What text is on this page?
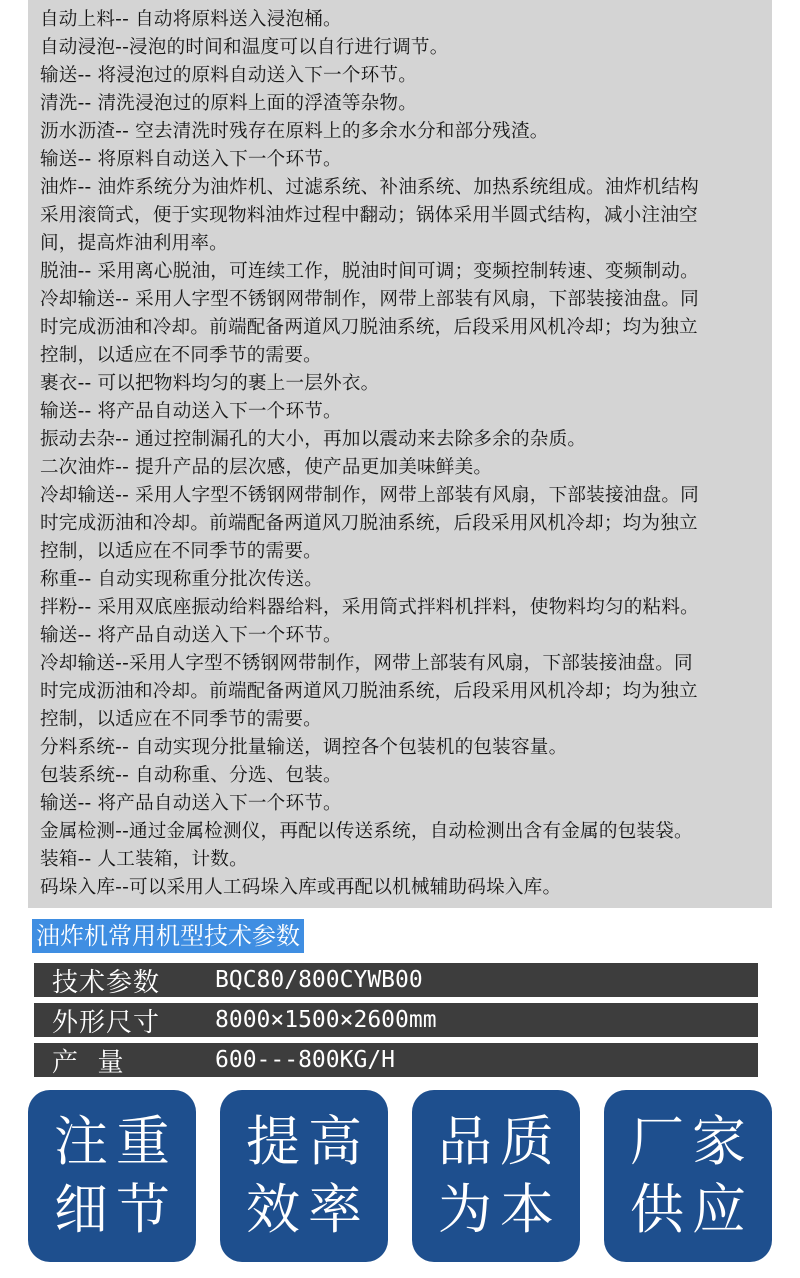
自动上料-- 自动将原料送入浸泡桶。
自动浸泡--浸泡的时间和温度可以自行进行调节。
输送-- 将浸泡过的原料自动送入下一个环节。
清洗-- 清洗浸泡过的原料上面的浮渣等杂物。
沥水沥渣-- 空去清洗时残存在原料上的多余水分和部分残渣。
输送-- 将原料自动送入下一个环节。
油炸-- 油炸系统分为油炸机、过滤系统、补油系统、加热系统组成。油炸机结构
采用滚筒式，便于实现物料油炸过程中翻动；锅体采用半圆式结构，减小注油空
间，提高炸油利用率。
脱油-- 采用离心脱油，可连续工作，脱油时间可调；变频控制转速、变频制动。
冷却输送-- 采用人字型不锈钢网带制作，网带上部装有风扇，下部装接油盘。同
时完成沥油和冷却。前端配备两道风刀脱油系统，后段采用风机冷却；均为独立
控制，以适应在不同季节的需要。
裹衣-- 可以把物料均匀的裹上一层外衣。
输送-- 将产品自动送入下一个环节。
振动去杂-- 通过控制漏孔的大小，再加以震动来去除多余的杂质。
二次油炸-- 提升产品的层次感，使产品更加美味鲜美。
冷却输送-- 采用人字型不锈钢网带制作，网带上部装有风扇，下部装接油盘。同
时完成沥油和冷却。前端配备两道风刀脱油系统，后段采用风机冷却；均为独立
控制，以适应在不同季节的需要。
称重-- 自动实现称重分批次传送。
拌粉-- 采用双底座振动给料器给料，采用筒式拌料机拌料，使物料均匀的粘料。
输送-- 将产品自动送入下一个环节。
冷却输送--采用人字型不锈钢网带制作，网带上部装有风扇，下部装接油盘。同
时完成沥油和冷却。前端配备两道风刀脱油系统，后段采用风机冷却；均为独立
控制，以适应在不同季节的需要。
分料系统-- 自动实现分批量输送，调控各个包装机的包装容量。
包装系统-- 自动称重、分选、包装。
输送-- 将产品自动送入下一个环节。
金属检测--通过金属检测仪，再配以传送系统，自动检测出含有金属的包装袋。
装箱-- 人工装箱，计数。
码垛入库--可以采用人工码垛入库或再配以机械辅助码垛入库。
油炸机常用机型技术参数
技术参数	BQC80/800CYWB00
外形尺寸	8000×1500×2600mm
产  量	600---800KG/H
注重
细节
提高
效率
品质
为本
厂家
供应
